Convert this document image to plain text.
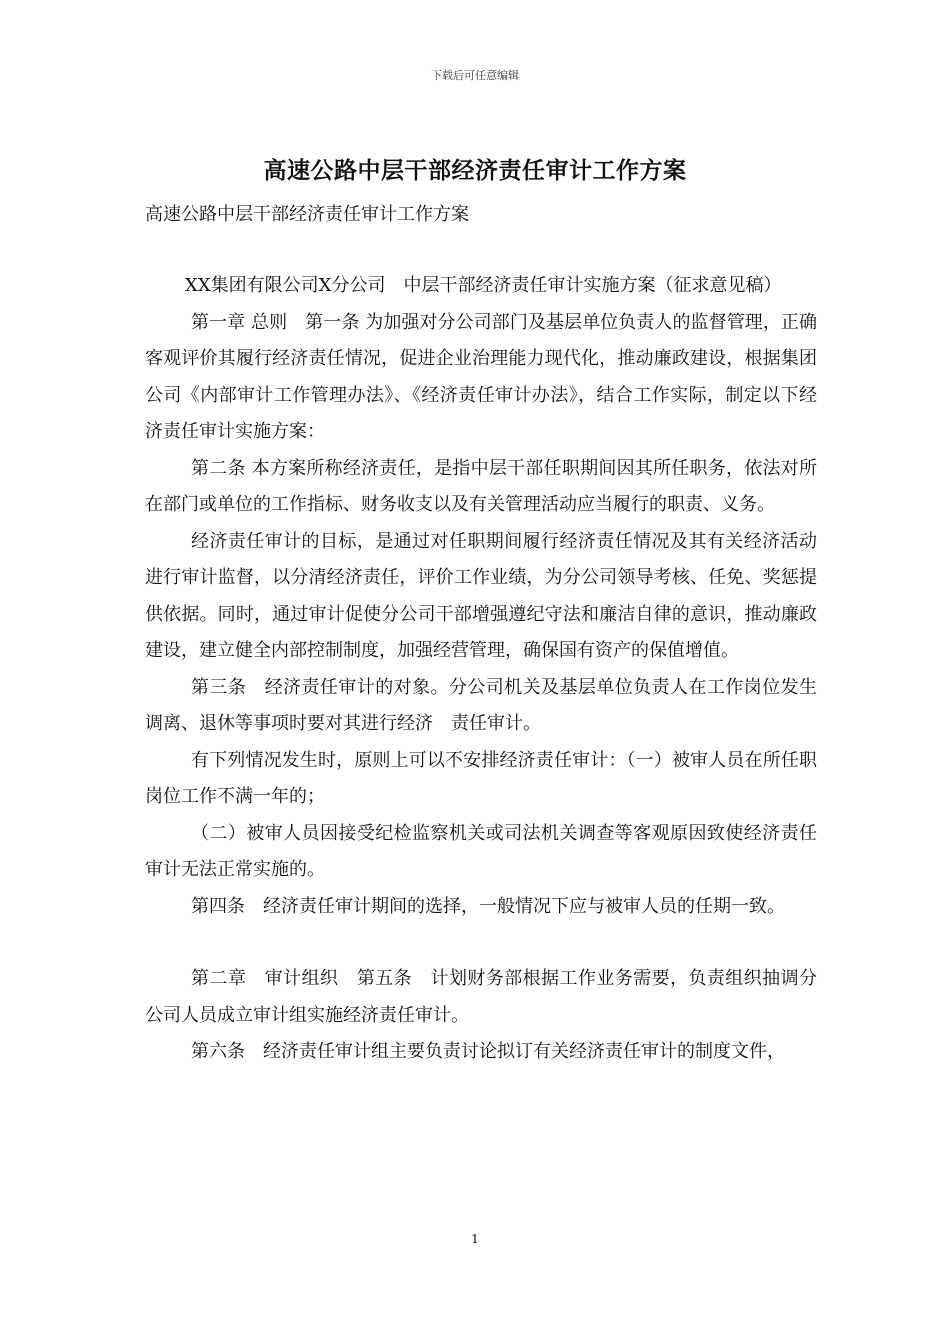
下载后可任意编辑
高速公路中层干部经济责任审计工作方案
高速公路中层干部经济责任审计工作方案

XX集团有限公司X分公司　中层干部经济责任审计实施方案（征求意见稿）

第一章 总则　第一条 为加强对分公司部门及基层单位负责人的监督管理，正确客观评价其履行经济责任情况，促进企业治理能力现代化，推动廉政建设，根据集团公司《内部审计工作管理办法》、《经济责任审计办法》，结合工作实际，制定以下经济责任审计实施方案：

第二条 本方案所称经济责任，是指中层干部任职期间因其所任职务，依法对所在部门或单位的工作指标、财务收支以及有关管理活动应当履行的职责、义务。

经济责任审计的目标，是通过对任职期间履行经济责任情况及其有关经济活动进行审计监督，以分清经济责任，评价工作业绩，为分公司领导考核、任免、奖惩提供依据。同时，通过审计促使分公司干部增强遵纪守法和廉洁自律的意识，推动廉政建设，建立健全内部控制制度，加强经营管理，确保国有资产的保值增值。

第三条　经济责任审计的对象。分公司机关及基层单位负责人在工作岗位发生调离、退休等事项时要对其进行经济　责任审计。

有下列情况发生时，原则上可以不安排经济责任审计：（一）被审人员在所任职岗位工作不满一年的；

（二）被审人员因接受纪检监察机关或司法机关调查等客观原因致使经济责任审计无法正常实施的。

第四条　经济责任审计期间的选择，一般情况下应与被审人员的任期一致。

第二章　审计组织　第五条　计划财务部根据工作业务需要，负责组织抽调分公司人员成立审计组实施经济责任审计。

第六条　经济责任审计组主要负责讨论拟订有关经济责任审计的制度文件，

1
